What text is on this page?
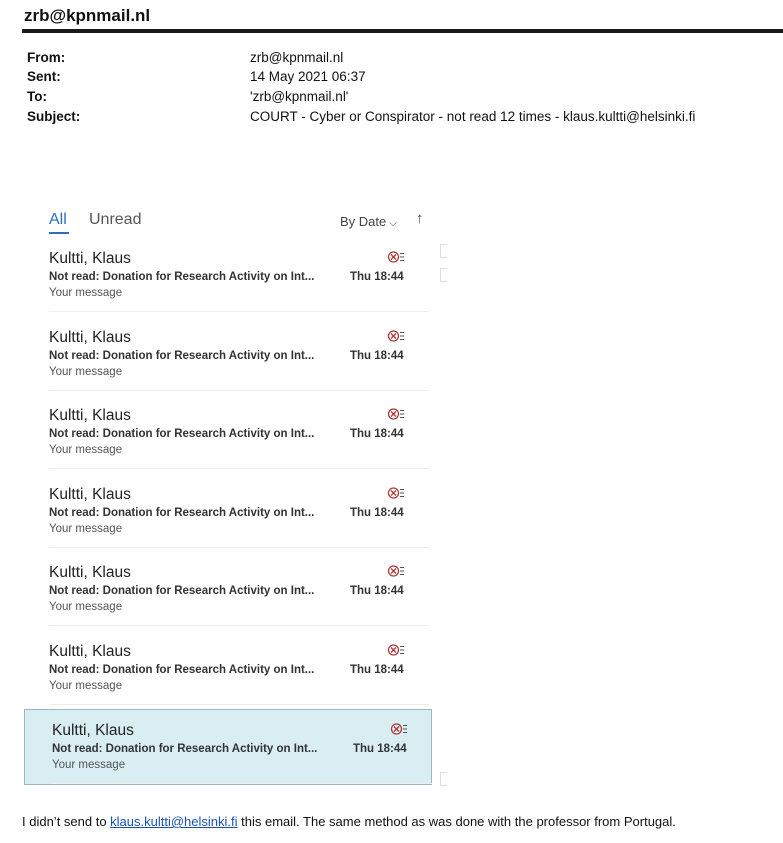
zrb@kpnmail.nl
From:	zrb@kpnmail.nl
Sent:	14 May 2021 06:37
To:	'zrb@kpnmail.nl'
Subject:	COURT - Cyber or Conspirator - not read 12 times - klaus.kultti@helsinki.fi
All Unread	By Date ⌵ ↑
Kultti, Klaus
Not read: Donation for Research Activity on Int...
Your message
Thu 18:44
Kultti, Klaus
Not read: Donation for Research Activity on Int...
Your message
Thu 18:44
Kultti, Klaus
Not read: Donation for Research Activity on Int...
Your message
Thu 18:44
Kultti, Klaus
Not read: Donation for Research Activity on Int...
Your message
Thu 18:44
Kultti, Klaus
Not read: Donation for Research Activity on Int...
Your message
Thu 18:44
Kultti, Klaus
Not read: Donation for Research Activity on Int...
Your message
Thu 18:44
Kultti, Klaus
Not read: Donation for Research Activity on Int...
Your message
Thu 18:44
I didn’t send to klaus.kultti@helsinki.fi this email. The same method as was done with the professor from Portugal.
